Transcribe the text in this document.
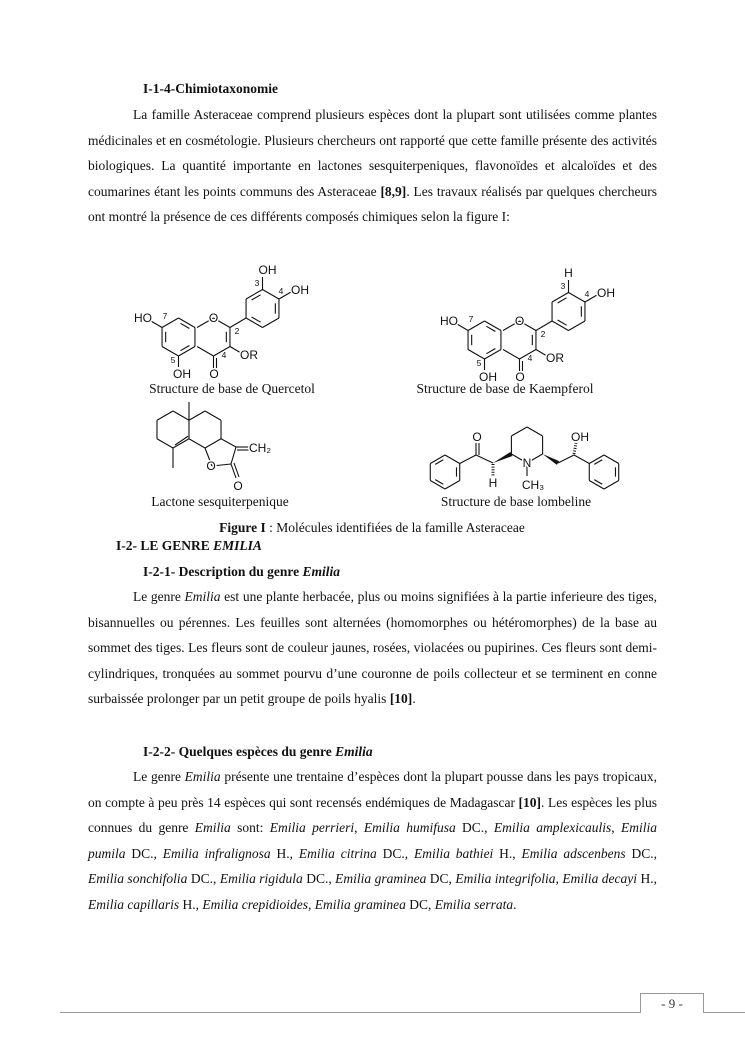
I-1-4-Chimiotaxonomie
La famille Asteraceae comprend plusieurs espèces dont la plupart sont utilisées comme plantes médicinales et en cosmétologie. Plusieurs chercheurs ont rapporté que cette famille présente des activités biologiques. La quantité importante en lactones sesquiterpeniques, flavonoïdes et alcaloïdes et des coumarines étant les points communs des Asteraceae [8,9]. Les travaux réalisés par quelques chercheurs ont montré la présence de ces différents composés chimiques selon la figure I:
OH
3
4 OH
HO 7	O
2
5	4 OR
OH O
H
3
4 OH
HO 7	O
2
5	4 OR
OH O
CH₂
O
O
O	OH
H
N
CH₃
Structure de base de Quercetol	Structure de base de Kaempferol
Lactone sesquiterpenique	Structure de base lombeline
Figure I : Molécules identifiées de la famille Asteraceae
I-2- LE GENRE EMILIA
I-2-1- Description du genre Emilia
Le genre Emilia est une plante herbacée, plus ou moins signifiées à la partie inferieure des tiges, bisannuelles ou pérennes. Les feuilles sont alternées (homomorphes ou hétéromorphes) de la base au sommet des tiges. Les fleurs sont de couleur jaunes, rosées, violacées ou pupirines. Ces fleurs sont demi-cylindriques, tronquées au sommet pourvu d’une couronne de poils collecteur et se terminent en conne surbaissée prolonger par un petit groupe de poils hyalis [10].
I-2-2- Quelques espèces du genre Emilia
Le genre Emilia présente une trentaine d’espèces dont la plupart pousse dans les pays tropicaux, on compte à peu près 14 espèces qui sont recensés endémiques de Madagascar [10]. Les espèces les plus connues du genre Emilia sont: Emilia perrieri, Emilia humifusa DC., Emilia amplexicaulis, Emilia pumila DC., Emilia infralignosa H., Emilia citrina DC., Emilia bathiei H., Emilia adscenbens DC., Emilia sonchifolia DC., Emilia rigidula DC., Emilia graminea DC, Emilia integrifolia, Emilia decayi H., Emilia capillaris H., Emilia crepidioides, Emilia graminea DC, Emilia serrata.
- 9 -
